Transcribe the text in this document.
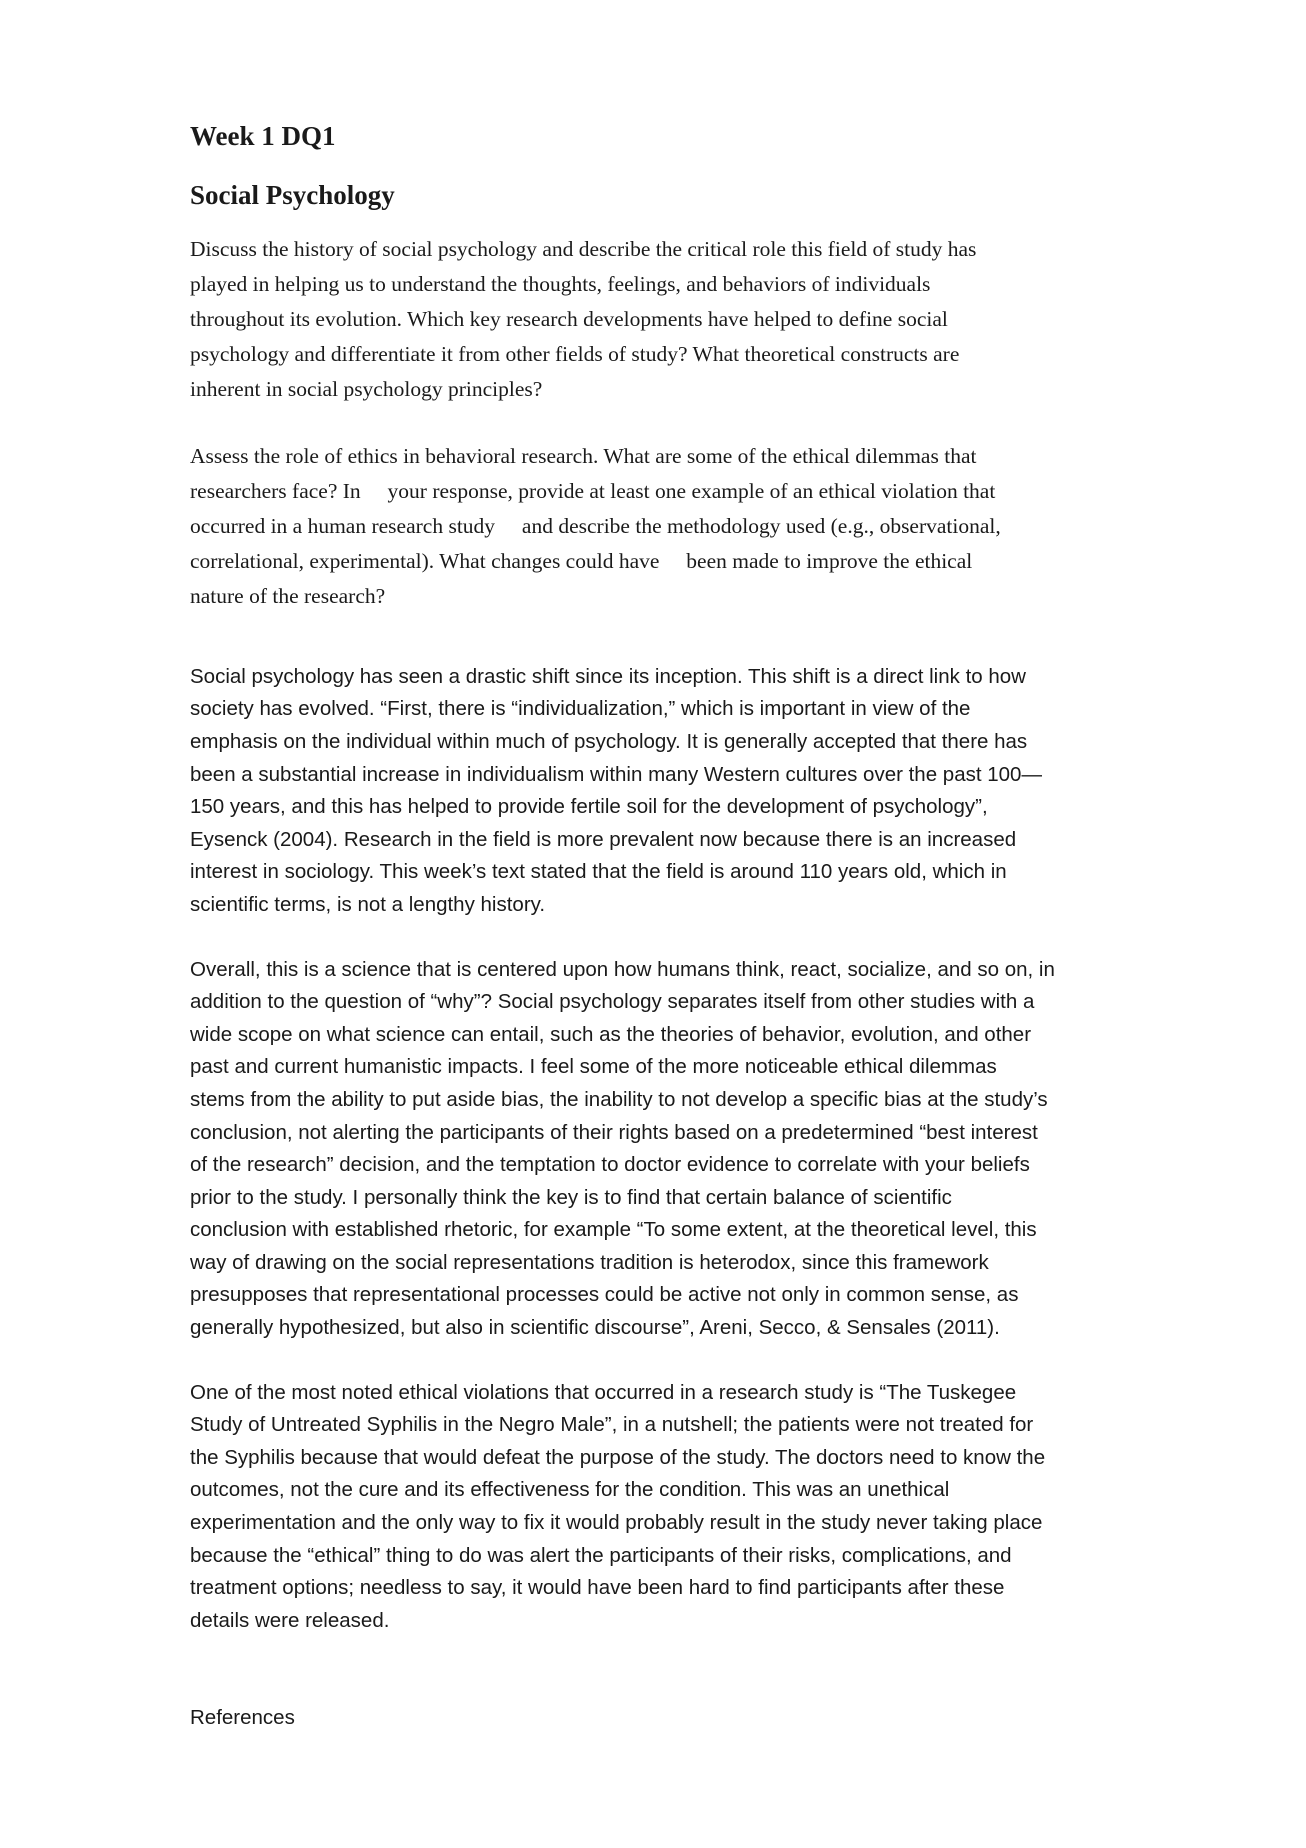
Week 1 DQ1
Social Psychology

Discuss the history of social psychology and describe the critical role this field of study has
played in helping us to understand the thoughts, feelings, and behaviors of individuals
throughout its evolution. Which key research developments have helped to define social
psychology and differentiate it from other fields of study? What theoretical constructs are
inherent in social psychology principles?

Assess the role of ethics in behavioral research. What are some of the ethical dilemmas that
researchers face? In     your response, provide at least one example of an ethical violation that
occurred in a human research study     and describe the methodology used (e.g., observational,
correlational, experimental). What changes could have     been made to improve the ethical
nature of the research?

Social psychology has seen a drastic shift since its inception. This shift is a direct link to how
society has evolved. “First, there is “individualization,” which is important in view of the
emphasis on the individual within much of psychology. It is generally accepted that there has
been a substantial increase in individualism within many Western cultures over the past 100—
150 years, and this has helped to provide fertile soil for the development of psychology”,
Eysenck (2004). Research in the field is more prevalent now because there is an increased
interest in sociology. This week’s text stated that the field is around 110 years old, which in
scientific terms, is not a lengthy history.

Overall, this is a science that is centered upon how humans think, react, socialize, and so on, in
addition to the question of “why”? Social psychology separates itself from other studies with a
wide scope on what science can entail, such as the theories of behavior, evolution, and other
past and current humanistic impacts. I feel some of the more noticeable ethical dilemmas
stems from the ability to put aside bias, the inability to not develop a specific bias at the study’s
conclusion, not alerting the participants of their rights based on a predetermined “best interest
of the research” decision, and the temptation to doctor evidence to correlate with your beliefs
prior to the study. I personally think the key is to find that certain balance of scientific
conclusion with established rhetoric, for example “To some extent, at the theoretical level, this
way of drawing on the social representations tradition is heterodox, since this framework
presupposes that representational processes could be active not only in common sense, as
generally hypothesized, but also in scientific discourse”, Areni, Secco, & Sensales (2011).

One of the most noted ethical violations that occurred in a research study is “The Tuskegee
Study of Untreated Syphilis in the Negro Male”, in a nutshell; the patients were not treated for
the Syphilis because that would defeat the purpose of the study. The doctors need to know the
outcomes, not the cure and its effectiveness for the condition. This was an unethical
experimentation and the only way to fix it would probably result in the study never taking place
because the “ethical” thing to do was alert the participants of their risks, complications, and
treatment options; needless to say, it would have been hard to find participants after these
details were released.

References
